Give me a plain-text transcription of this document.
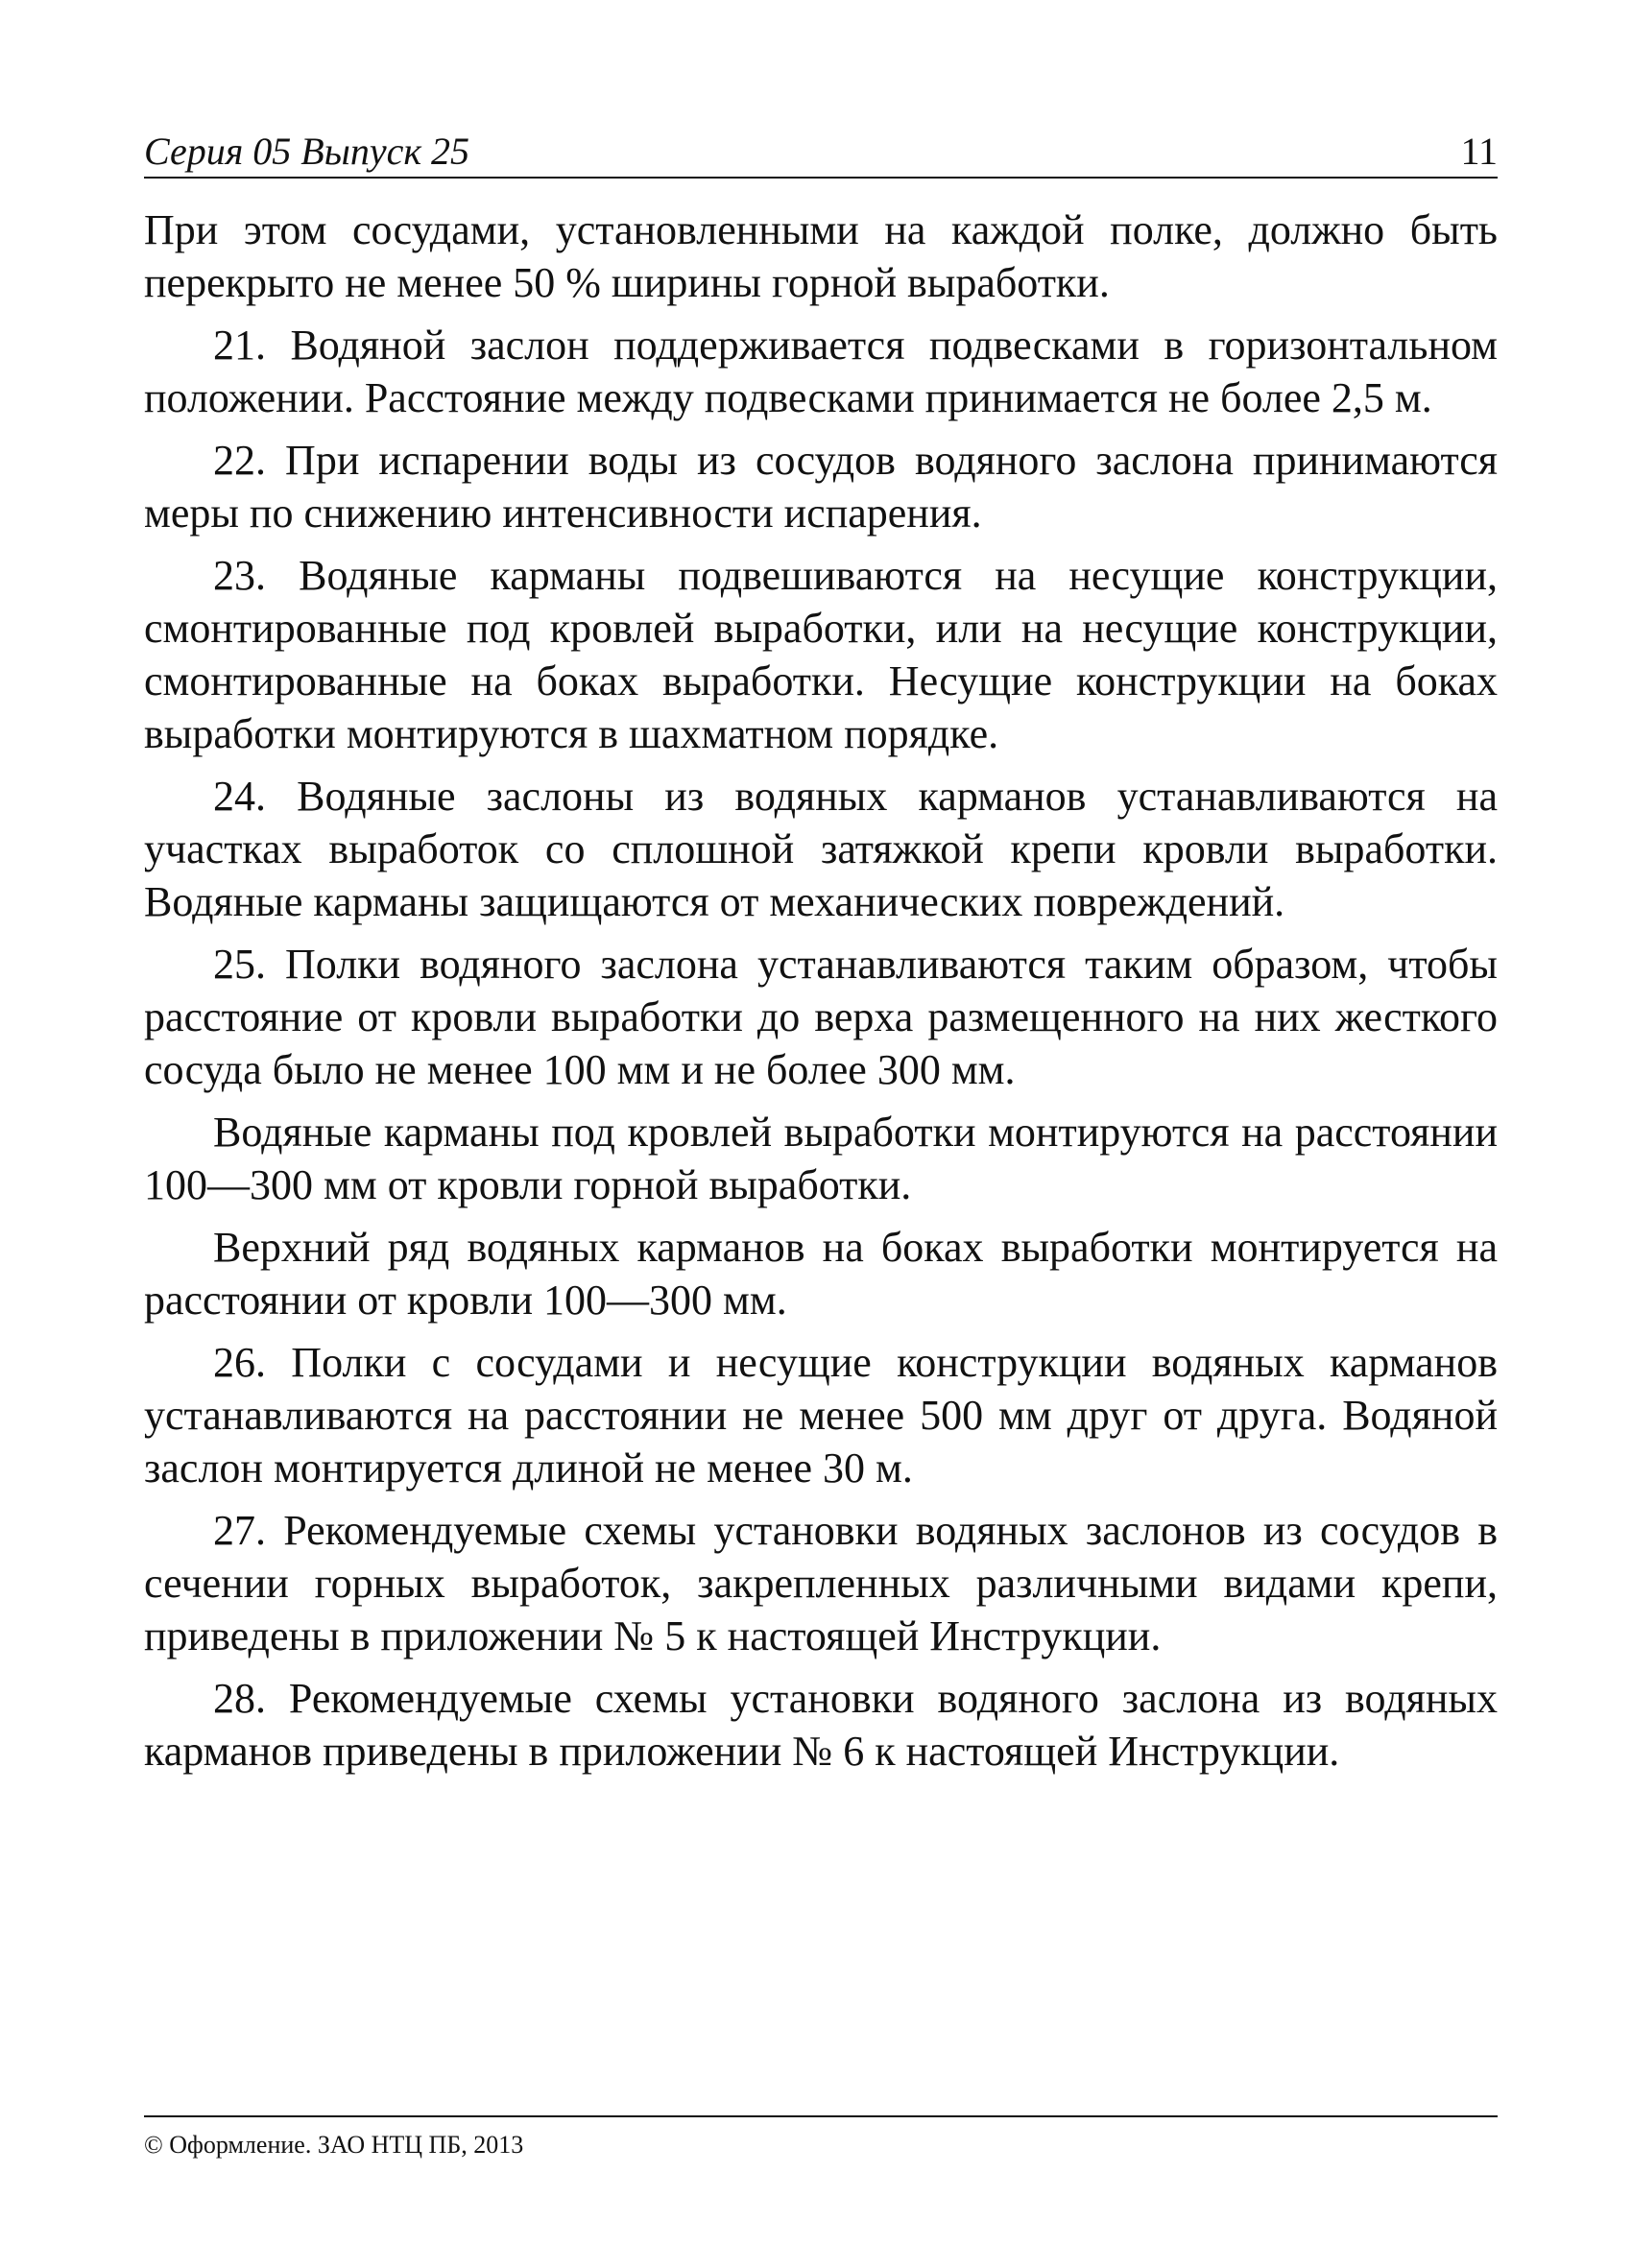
Серия 05 Выпуск 25	11

При этом сосудами, установленными на каждой полке, должно быть перекрыто не менее 50 % ширины горной выработки.

21. Водяной заслон поддерживается подвесками в горизонтальном положении. Расстояние между подвесками принимается не более 2,5 м.

22. При испарении воды из сосудов водяного заслона принимаются меры по снижению интенсивности испарения.

23. Водяные карманы подвешиваются на несущие конструкции, смонтированные под кровлей выработки, или на несущие конструкции, смонтированные на боках выработки. Несущие конструкции на боках выработки монтируются в шахматном порядке.

24. Водяные заслоны из водяных карманов устанавливаются на участках выработок со сплошной затяжкой крепи кровли выработки. Водяные карманы защищаются от механических повреждений.

25. Полки водяного заслона устанавливаются таким образом, чтобы расстояние от кровли выработки до верха размещенного на них жесткого сосуда было не менее 100 мм и не более 300 мм.

Водяные карманы под кровлей выработки монтируются на расстоянии 100—300 мм от кровли горной выработки.

Верхний ряд водяных карманов на боках выработки монтируется на расстоянии от кровли 100—300 мм.

26. Полки с сосудами и несущие конструкции водяных карманов устанавливаются на расстоянии не менее 500 мм друг от друга. Водяной заслон монтируется длиной не менее 30 м.

27. Рекомендуемые схемы установки водяных заслонов из сосудов в сечении горных выработок, закрепленных различными видами крепи, приведены в приложении № 5 к настоящей Инструкции.

28. Рекомендуемые схемы установки водяного заслона из водяных карманов приведены в приложении № 6 к настоящей Инструкции.

© Оформление. ЗАО НТЦ ПБ, 2013
